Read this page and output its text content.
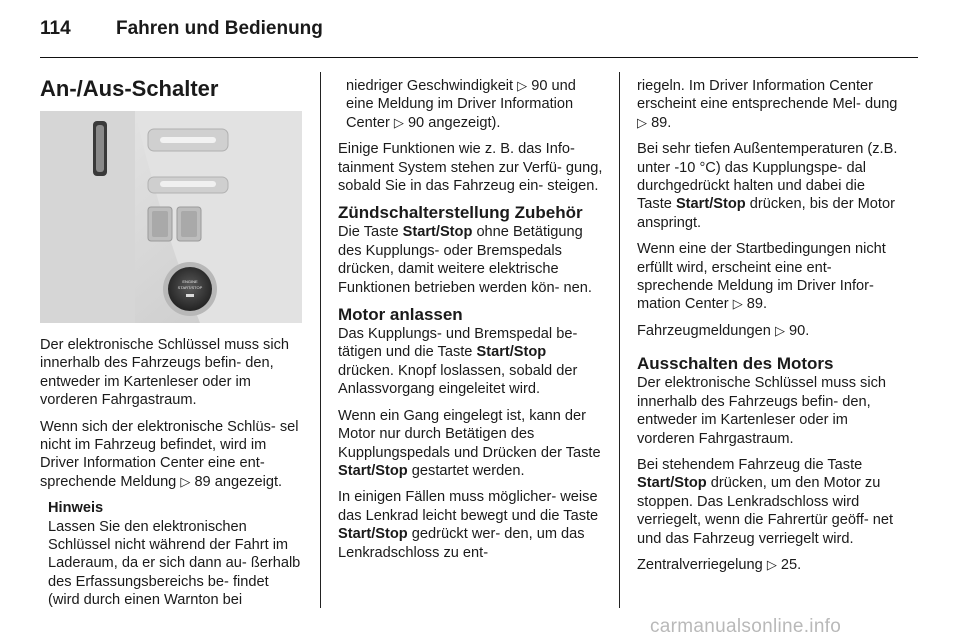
114 Fahren und Bedienung
An-/Aus-Schalter
ENGINE
START/STOP

Der elektronische Schlüssel muss sich innerhalb des Fahrzeugs befin- den, entweder im Kartenleser oder im vorderen Fahrgastraum.

Wenn sich der elektronische Schlüs- sel nicht im Fahrzeug befindet, wird im Driver Information Center eine ent- sprechende Meldung ▷ 89 angezeigt.

Hinweis
Lassen Sie den elektronischen Schlüssel nicht während der Fahrt im Laderaum, da er sich dann au- ßerhalb des Erfassungsbereichs be- findet (wird durch einen Warnton bei

niedriger Geschwindigkeit ▷ 90 und eine Meldung im Driver Information Center ▷ 90 angezeigt).

Einige Funktionen wie z. B. das Info- tainment System stehen zur Verfü- gung, sobald Sie in das Fahrzeug ein- steigen.

Zündschalterstellung Zubehör

Die Taste Start/Stop ohne Betätigung des Kupplungs- oder Bremspedals drücken, damit weitere elektrische Funktionen betrieben werden kön- nen.

Motor anlassen

Das Kupplungs- und Bremspedal be- tätigen und die Taste Start/Stop drücken. Knopf loslassen, sobald der Anlassvorgang eingeleitet wird.

Wenn ein Gang eingelegt ist, kann der Motor nur durch Betätigen des Kupplungspedals und Drücken der Taste Start/Stop gestartet werden.

In einigen Fällen muss möglicher- weise das Lenkrad leicht bewegt und die Taste Start/Stop gedrückt wer- den, um das Lenkradschloss zu ent-

riegeln. Im Driver Information Center erscheint eine entsprechende Mel- dung ▷ 89.

Bei sehr tiefen Außentemperaturen (z.B. unter -10 °C) das Kupplungspe- dal durchgedrückt halten und dabei die Taste Start/Stop drücken, bis der Motor anspringt.

Wenn eine der Startbedingungen nicht erfüllt wird, erscheint eine ent- sprechende Meldung im Driver Infor- mation Center ▷ 89.

Fahrzeugmeldungen ▷ 90.

Ausschalten des Motors

Der elektronische Schlüssel muss sich innerhalb des Fahrzeugs befin- den, entweder im Kartenleser oder im vorderen Fahrgastraum.

Bei stehendem Fahrzeug die Taste Start/Stop drücken, um den Motor zu stoppen. Das Lenkradschloss wird verriegelt, wenn die Fahrertür geöff- net und das Fahrzeug verriegelt wird.

Zentralverriegelung ▷ 25.

carmanualsonline.info
